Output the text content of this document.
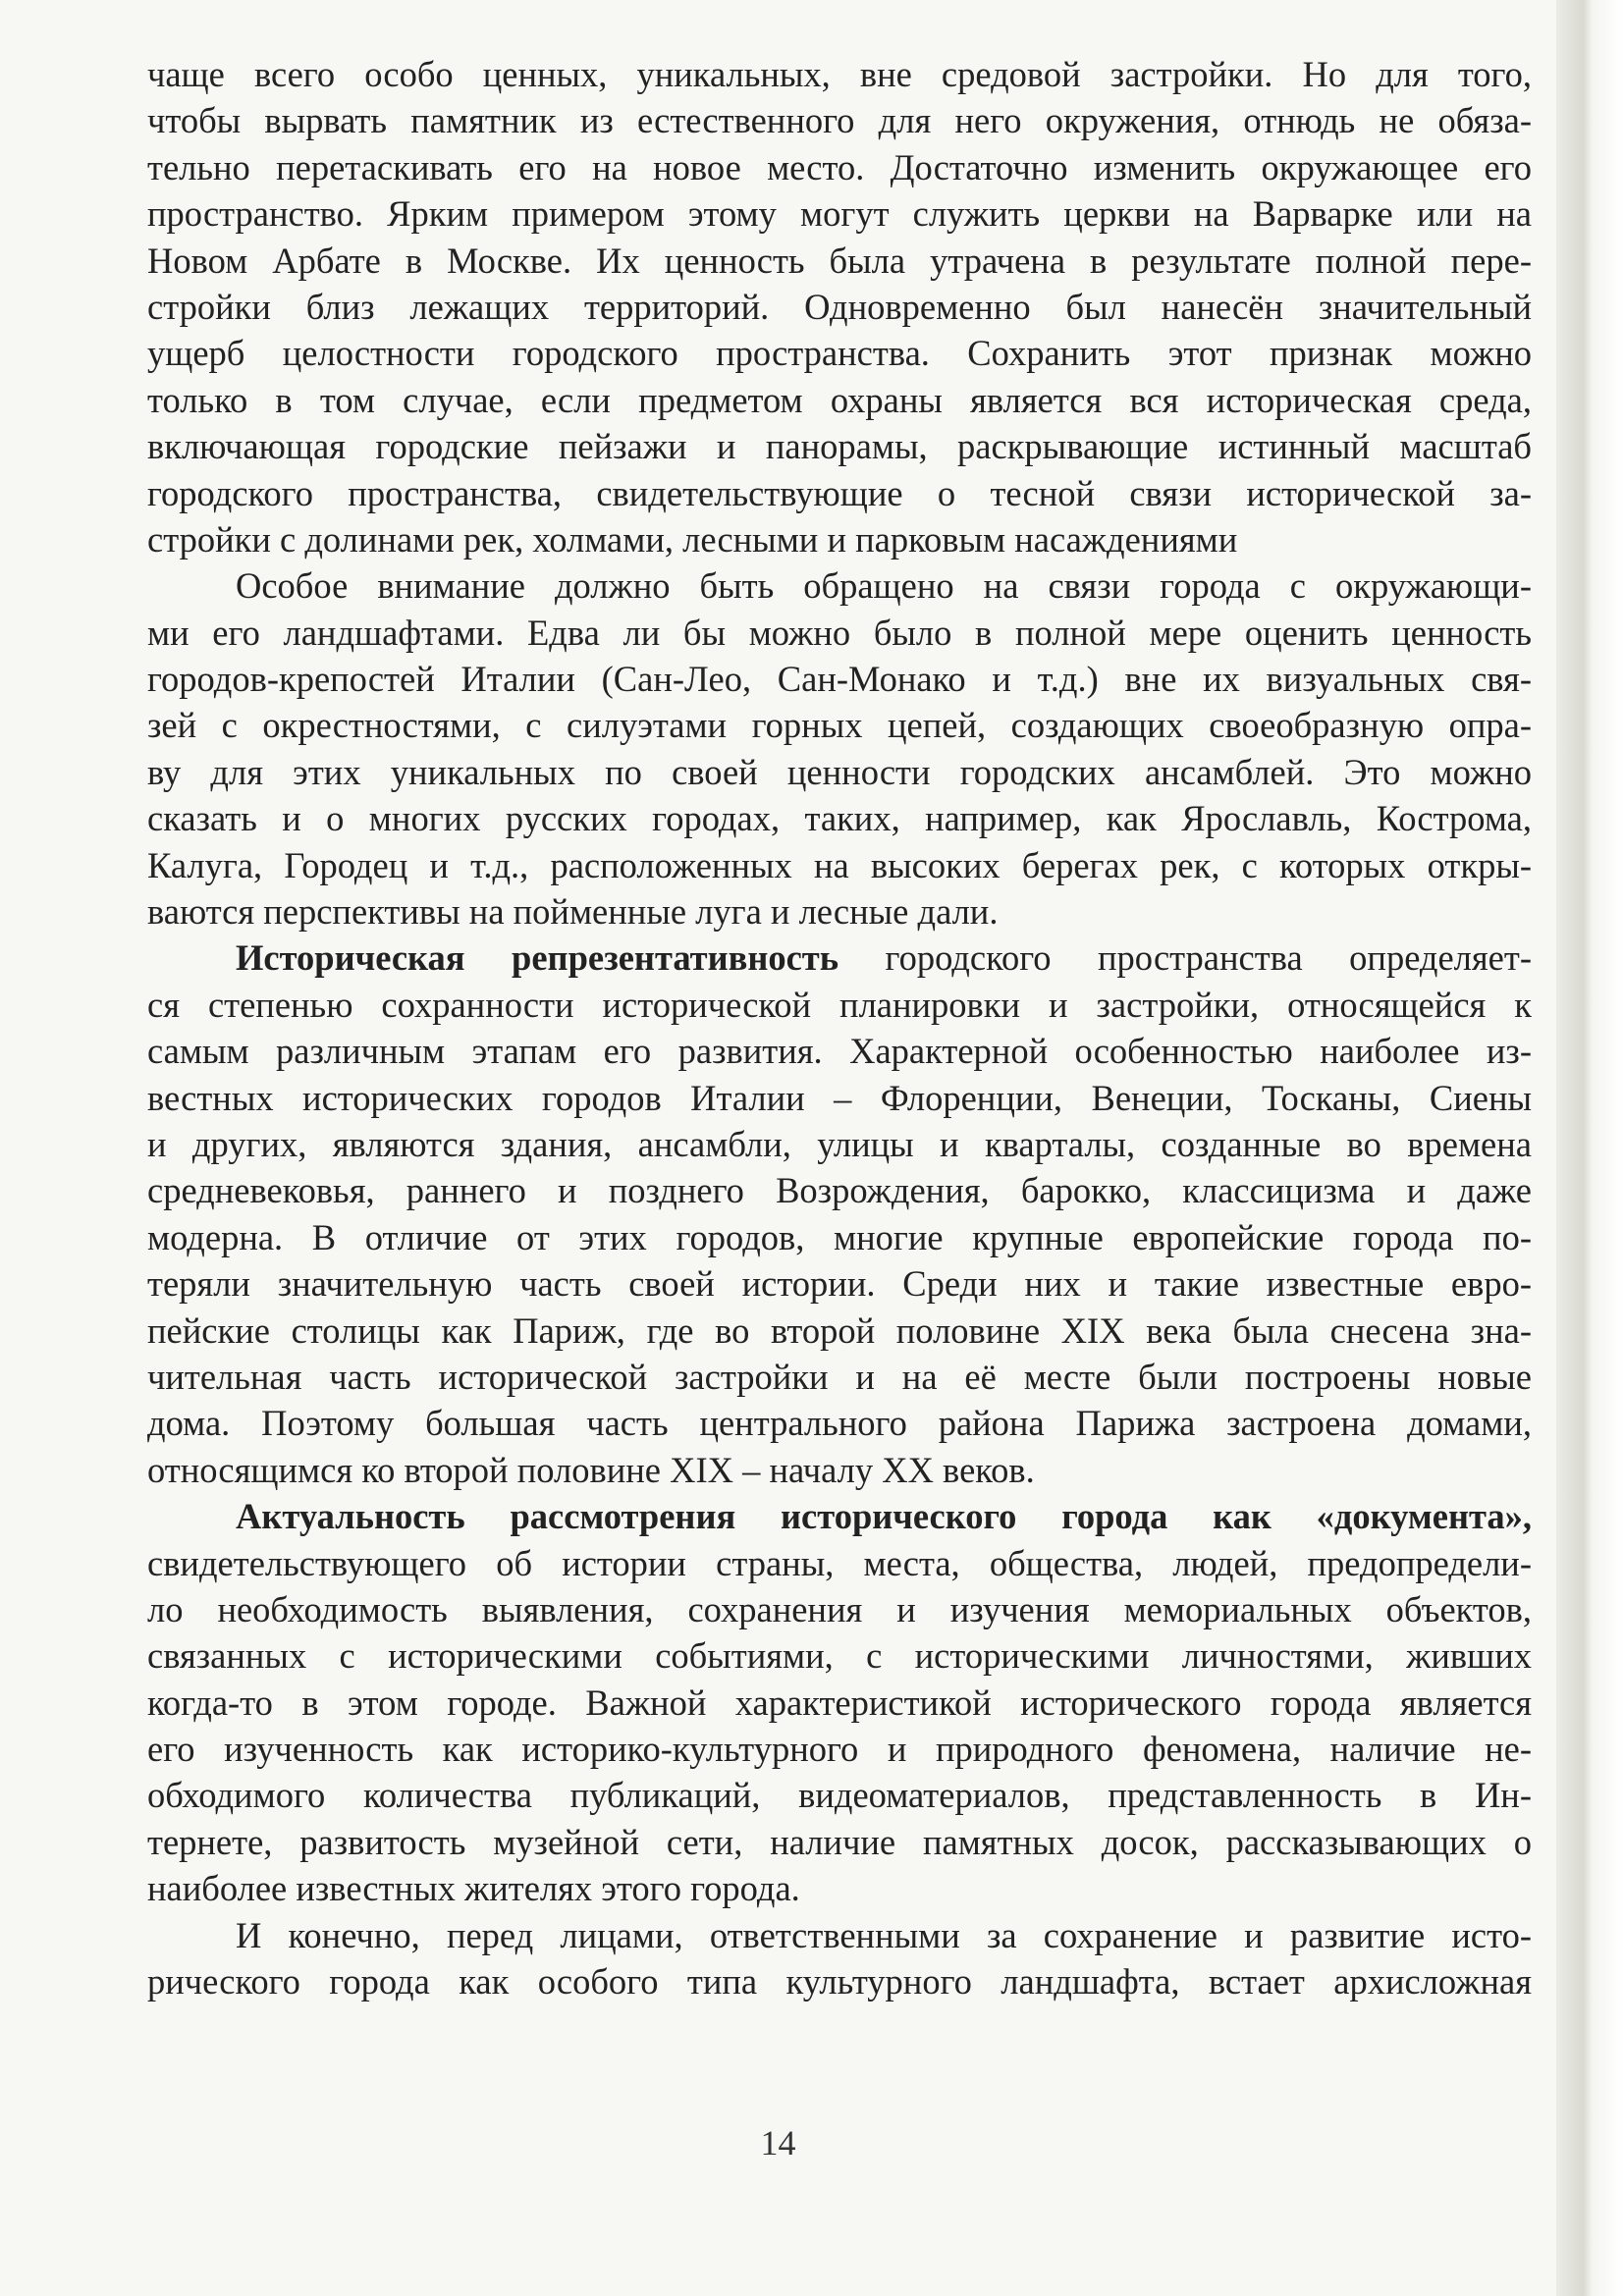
чаще всего особо ценных, уникальных, вне средовой застройки. Но для того,
чтобы вырвать памятник из естественного для него окружения, отнюдь не обяза-
тельно перетаскивать его на новое место. Достаточно изменить окружающее его
пространство. Ярким примером этому могут служить церкви на Варварке или на
Новом Арбате в Москве. Их ценность была утрачена в результате полной пере-
стройки близ лежащих территорий. Одновременно был нанесён значительный
ущерб целостности городского пространства. Сохранить этот признак можно
только в том случае, если предметом охраны является вся историческая среда,
включающая городские пейзажи и панорамы, раскрывающие истинный масштаб
городского пространства, свидетельствующие о тесной связи исторической за-
стройки с долинами рек, холмами, лесными и парковым насаждениями
Особое внимание должно быть обращено на связи города с окружающи-
ми его ландшафтами. Едва ли бы можно было в полной мере оценить ценность
городов-крепостей Италии (Сан-Лео, Сан-Монако и т.д.) вне их визуальных свя-
зей с окрестностями, с силуэтами горных цепей, создающих своеобразную опра-
ву для этих уникальных по своей ценности городских ансамблей. Это можно
сказать и о многих русских городах, таких, например, как Ярославль, Кострома,
Калуга, Городец и т.д., расположенных на высоких берегах рек, с которых откры-
ваются перспективы на пойменные луга и лесные дали.
Историческая репрезентативность городского пространства определяет-
ся степенью сохранности исторической планировки и застройки, относящейся к
самым различным этапам его развития. Характерной особенностью наиболее из-
вестных исторических городов Италии – Флоренции, Венеции, Тосканы, Сиены
и других, являются здания, ансамбли, улицы и кварталы, созданные во времена
средневековья, раннего и позднего Возрождения, барокко, классицизма и даже
модерна. В отличие от этих городов, многие крупные европейские города по-
теряли значительную часть своей истории. Среди них и такие известные евро-
пейские столицы как Париж, где во второй половине XIX века была снесена зна-
чительная часть исторической застройки и на её месте были построены новые
дома. Поэтому большая часть центрального района Парижа застроена домами,
относящимся ко второй половине XIX – началу XX веков.
Актуальность рассмотрения исторического города как «документа»,
свидетельствующего об истории страны, места, общества, людей, предопредели-
ло необходимость выявления, сохранения и изучения мемориальных объектов,
связанных с историческими событиями, с историческими личностями, живших
когда-то в этом городе. Важной характеристикой исторического города является
его изученность как историко-культурного и природного феномена, наличие не-
обходимого количества публикаций, видеоматериалов, представленность в Ин-
тернете, развитость музейной сети, наличие памятных досок, рассказывающих о
наиболее известных жителях этого города.
И конечно, перед лицами, ответственными за сохранение и развитие исто-
рического города как особого типа культурного ландшафта, встает архисложная
14
